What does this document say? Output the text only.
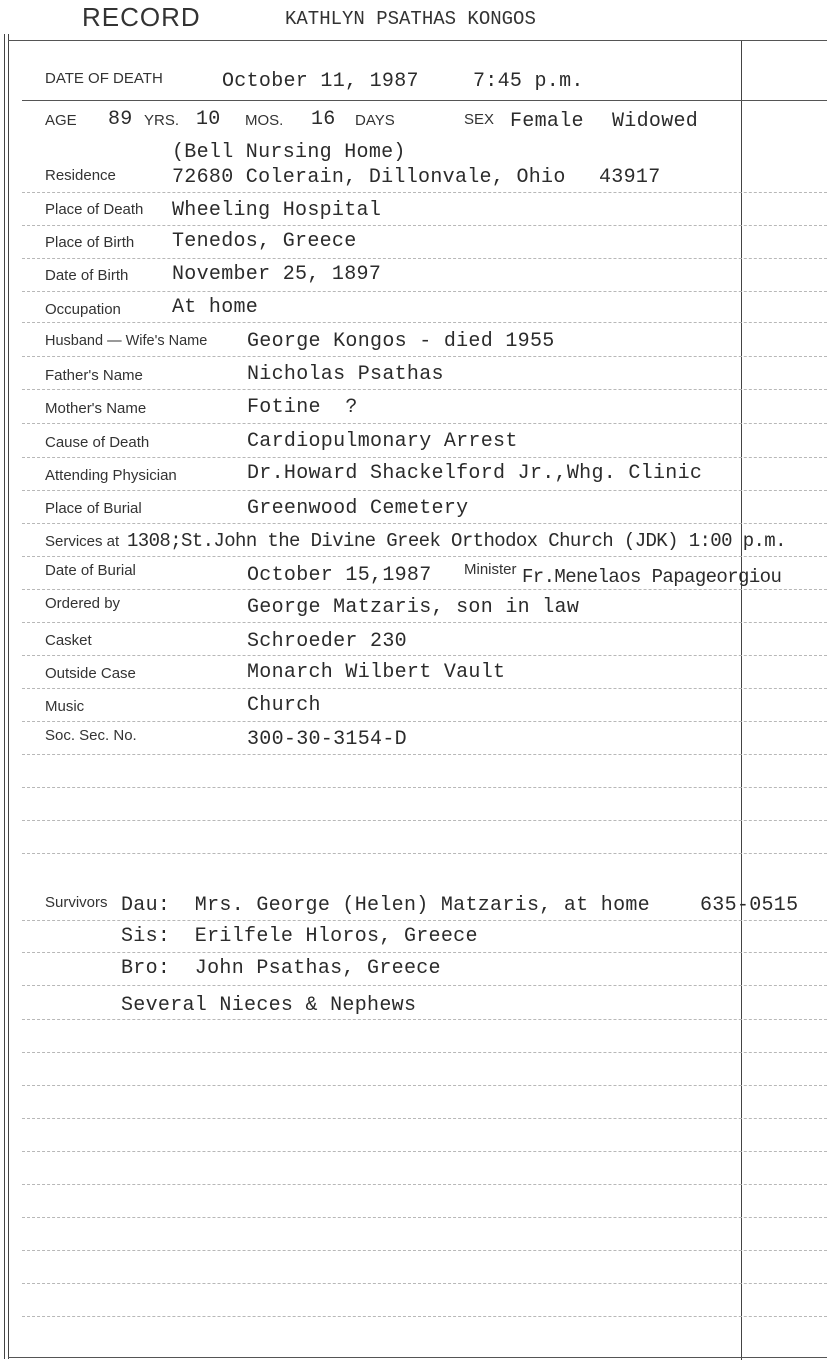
RECORD	KATHLYN PSATHAS KONGOS
DATE OF DEATH	October 11, 1987	7:45 p.m.
AGE 89 YRS. 10 MOS. 16 DAYS	SEX Female Widowed
(Bell Nursing Home)
Residence	72680 Colerain, Dillonvale, Ohio 43917
Place of Death Wheeling Hospital
Place of Birth Tenedos, Greece
Date of Birth November 25, 1897
Occupation	At home
Husband — Wife's Name George Kongos - died 1955
Father's Name	Nicholas Psathas
Mother's Name	Fotine  ?
Cause of Death	Cardiopulmonary Arrest
Attending Physician	Dr.Howard Shackelford Jr.,Whg. Clinic
Place of Burial	Greenwood Cemetery
Services at 1308;St.John the Divine Greek Orthodox Church (JDK) 1:00 p.m.
Date of Burial	October 15,1987 Minister Fr.Menelaos Papageorgiou
Ordered by	George Matzaris, son in law
Casket	Schroeder 230
Outside Case	Monarch Wilbert Vault
Music	Church
Soc. Sec. No.	300-30-3154-D
Survivors Dau:  Mrs. George (Helen) Matzaris, at home	635-0515
Sis:  Erilfele Hloros, Greece
Bro:  John Psathas, Greece
Several Nieces & Nephews
